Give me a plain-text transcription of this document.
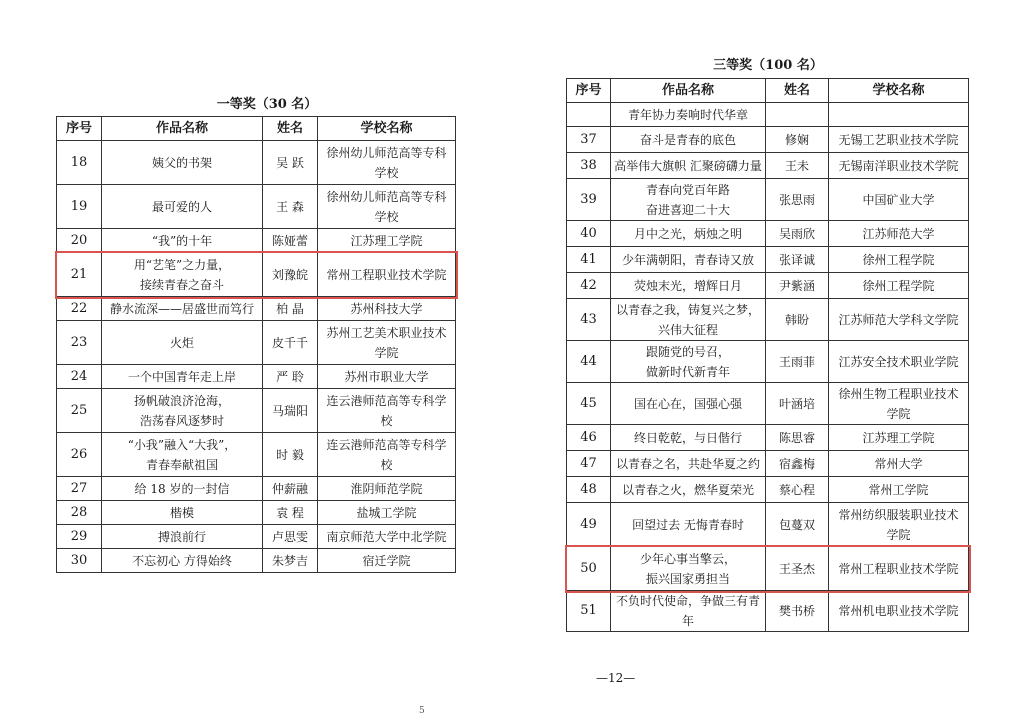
一等奖（30 名）
序号	作品名称	姓名	学校名称
18	姨父的书架	吴 跃	徐州幼儿师范高等专科
学校

19	最可爱的人	王 森	徐州幼儿师范高等专科
学校

20	“我”的十年	陈娅蕾	江苏理工学院

21	用“艺笔”之力量，
接续青春之奋斗	刘豫皖	常州工程职业技术学院

22	静水流深——居盛世而笃行	柏 晶	苏州科技大学

23	火炬	皮千千	苏州工艺美术职业技术
学院

24	一个中国青年走上岸	严 聆	苏州市职业大学

25	扬帆破浪济沧海，
浩荡春风逐梦时	马瑞阳	连云港师范高等专科学校

26	“小我”融入“大我”，
青春奉献祖国	时 毅	连云港师范高等专科学校

27	给 18 岁的一封信	仲薪融	淮阴师范学院

28	楷模	袁 程	盐城工学院

29	搏浪前行	卢思雯	南京师范大学中北学院

30	不忘初心 方得始终	朱梦吉	宿迁学院
三等奖（100 名）
序号	作品名称	姓名	学校名称

	青年协力奏响时代华章		

37	奋斗是青春的底色	修娴	无锡工艺职业技术学院

38	高举伟大旗帜 汇聚磅礴力量	王未	无锡南洋职业技术学院

39	青春向党百年路
奋进喜迎二十大	张思雨	中国矿业大学

40	月中之光，炳烛之明	吴雨欣	江苏师范大学

41	少年满朝阳，青春诗又放	张译诚	徐州工程学院

42	荧烛末光，增辉日月	尹紫涵	徐州工程学院

43	以青春之我，铸复兴之梦，
兴伟大征程	韩盼	江苏师范大学科文学院

44	跟随党的号召，
做新时代新青年	王雨菲	江苏安全技术职业学院

45	国在心在，国强心强	叶涵培	徐州生物工程职业技术
学院

46	终日乾乾，与日偕行	陈思睿	江苏理工学院

47	以青春之名，共赴华夏之约	宿鑫梅	常州大学

48	以青春之火，燃华夏荣光	蔡心程	常州工学院

49	回望过去 无悔青春时	包蔓双	常州纺织服装职业技术
学院

50	少年心事当擎云，
振兴国家勇担当	王圣杰	常州工程职业技术学院

51	不负时代使命，争做三有青年	樊书桥	常州机电职业技术学院
5
—12—
